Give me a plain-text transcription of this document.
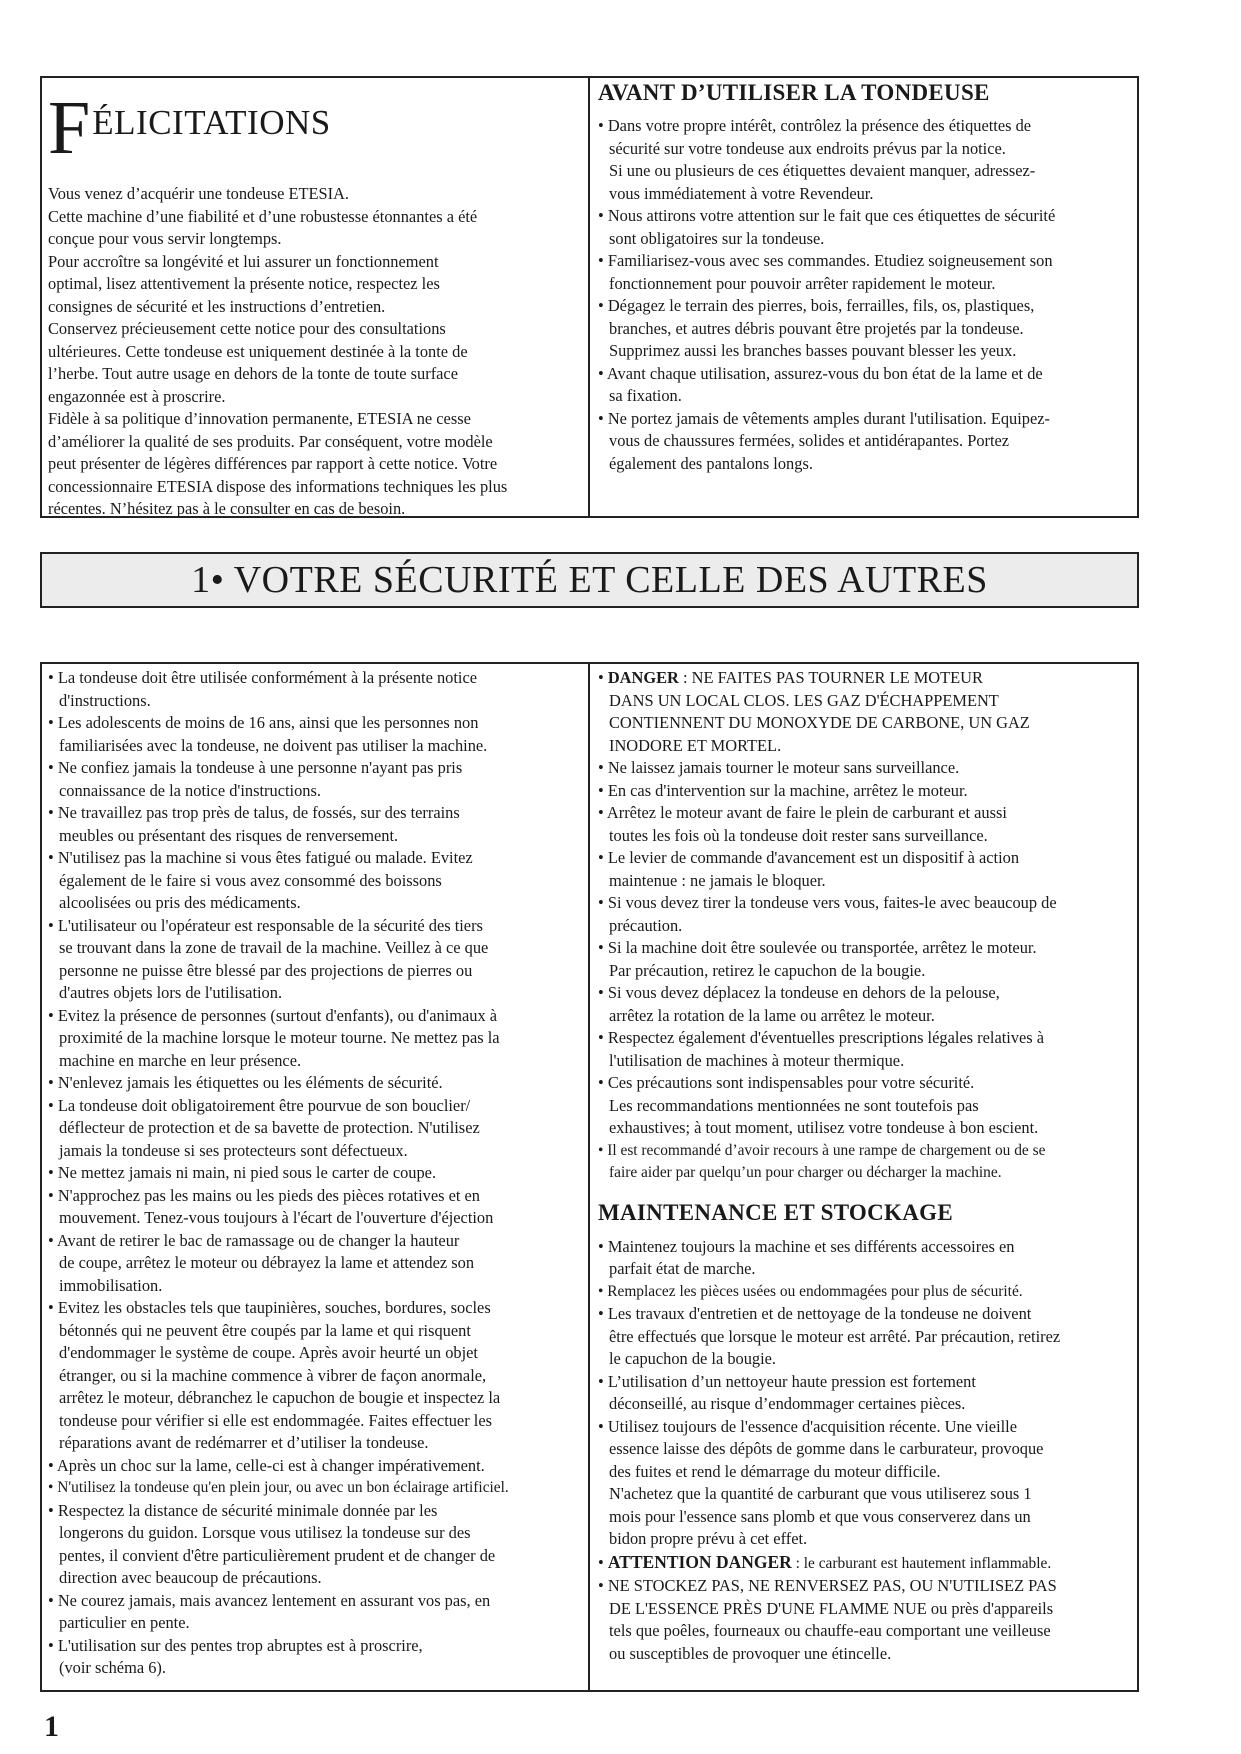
F ÉLICITATIONS

Vous venez d’acquérir une tondeuse ETESIA.

Cette machine d’une fiabilité et d’une robustesse étonnantes a été

conçue pour vous servir longtemps.

Pour accroître sa longévité et lui assurer un fonctionnement

optimal, lisez attentivement la présente notice, respectez les

consignes de sécurité et les instructions d’entretien.

Conservez précieusement cette notice pour des consultations

ultérieures. Cette tondeuse est uniquement destinée à la tonte de

l’herbe. Tout autre usage en dehors de la tonte de toute surface

engazonnée est à proscrire.

Fidèle à sa politique d’innovation permanente, ETESIA ne cesse

d’améliorer la qualité de ses produits. Par conséquent, votre modèle

peut présenter de légères différences par rapport à cette notice. Votre

concessionnaire ETESIA dispose des informations techniques les plus

récentes. N’hésitez pas à le consulter en cas de besoin.

AVANT D’UTILISER LA TONDEUSE

• Dans votre propre intérêt, contrôlez la présence des étiquettes de

sécurité sur votre tondeuse aux endroits prévus par la notice.

Si une ou plusieurs de ces étiquettes devaient manquer, adressez-

vous immédiatement à votre Revendeur.

• Nous attirons votre attention sur le fait que ces étiquettes de sécurité

sont obligatoires sur la tondeuse.

• Familiarisez-vous avec ses commandes. Etudiez soigneusement son

fonctionnement pour pouvoir arrêter rapidement le moteur.

• Dégagez le terrain des pierres, bois, ferrailles, fils, os, plastiques,

branches, et autres débris pouvant être projetés par la tondeuse.

Supprimez aussi les branches basses pouvant blesser les yeux.

• Avant chaque utilisation, assurez-vous du bon état de la lame et de

sa fixation.

• Ne portez jamais de vêtements amples durant l'utilisation. Equipez-

vous de chaussures fermées, solides et antidérapantes. Portez

également des pantalons longs.

1• VOTRE SÉCURITÉ ET CELLE DES AUTRES

• La tondeuse doit être utilisée conformément à la présente notice

d'instructions.

• Les adolescents de moins de 16 ans, ainsi que les personnes non

familiarisées avec la tondeuse, ne doivent pas utiliser la machine.

• Ne confiez jamais la tondeuse à une personne n'ayant pas pris

connaissance de la notice d'instructions.

• Ne travaillez pas trop près de talus, de fossés, sur des terrains

meubles ou présentant des risques de renversement.

• N'utilisez pas la machine si vous êtes fatigué ou malade. Evitez

également de le faire si vous avez consommé des boissons

alcoolisées ou pris des médicaments.

• L'utilisateur ou l'opérateur est responsable de la sécurité des tiers

se trouvant dans la zone de travail de la machine. Veillez à ce que

personne ne puisse être blessé par des projections de pierres ou

d'autres objets lors de l'utilisation.

• Evitez la présence de personnes (surtout d'enfants), ou d'animaux à

proximité de la machine lorsque le moteur tourne. Ne mettez pas la

machine en marche en leur présence.

• N'enlevez jamais les étiquettes ou les éléments de sécurité.

• La tondeuse doit obligatoirement être pourvue de son bouclier/

déflecteur de protection et de sa bavette de protection. N'utilisez

jamais la tondeuse si ses protecteurs sont défectueux.

• Ne mettez jamais ni main, ni pied sous le carter de coupe.

• N'approchez pas les mains ou les pieds des pièces rotatives et en

mouvement. Tenez-vous toujours à l'écart de l'ouverture d'éjection

• Avant de retirer le bac de ramassage ou de changer la hauteur

de coupe, arrêtez le moteur ou débrayez la lame et attendez son

immobilisation.

• Evitez les obstacles tels que taupinières, souches, bordures, socles

bétonnés qui ne peuvent être coupés par la lame et qui risquent

d'endommager le système de coupe. Après avoir heurté un objet

étranger, ou si la machine commence à vibrer de façon anormale,

arrêtez le moteur, débranchez le capuchon de bougie et inspectez la

tondeuse pour vérifier si elle est endommagée. Faites effectuer les

réparations avant de redémarrer et d’utiliser la tondeuse.

• Après un choc sur la lame, celle-ci est à changer impérativement.

• N'utilisez la tondeuse qu'en plein jour, ou avec un bon éclairage artificiel.

• Respectez la distance de sécurité minimale donnée par les

longerons du guidon. Lorsque vous utilisez la tondeuse sur des

pentes, il convient d'être particulièrement prudent et de changer de

direction avec beaucoup de précautions.

• Ne courez jamais, mais avancez lentement en assurant vos pas, en

particulier en pente.

• L'utilisation sur des pentes trop abruptes est à proscrire,

(voir schéma 6).

• DANGER : NE FAITES PAS TOURNER LE MOTEUR

DANS UN LOCAL CLOS. LES GAZ D'ÉCHAPPEMENT

CONTIENNENT DU MONOXYDE DE CARBONE, UN GAZ

INODORE ET MORTEL.

• Ne laissez jamais tourner le moteur sans surveillance.

• En cas d'intervention sur la machine, arrêtez le moteur.

• Arrêtez le moteur avant de faire le plein de carburant et aussi

toutes les fois où la tondeuse doit rester sans surveillance.

• Le levier de commande d'avancement est un dispositif à action

maintenue : ne jamais le bloquer.

• Si vous devez tirer la tondeuse vers vous, faites-le avec beaucoup de

précaution.

• Si la machine doit être soulevée ou transportée, arrêtez le moteur.

Par précaution, retirez le capuchon de la bougie.

• Si vous devez déplacez la tondeuse en dehors de la pelouse,

arrêtez la rotation de la lame ou arrêtez le moteur.

• Respectez également d'éventuelles prescriptions légales relatives à

l'utilisation de machines à moteur thermique.

• Ces précautions sont indispensables pour votre sécurité.

Les recommandations mentionnées ne sont toutefois pas

exhaustives; à tout moment, utilisez votre tondeuse à bon escient.

• Il est recommandé d’avoir recours à une rampe de chargement ou de se

faire aider par quelqu’un pour charger ou décharger la machine.

MAINTENANCE ET STOCKAGE

• Maintenez toujours la machine et ses différents accessoires en

parfait état de marche.

• Remplacez les pièces usées ou endommagées pour plus de sécurité.

• Les travaux d'entretien et de nettoyage de la tondeuse ne doivent

être effectués que lorsque le moteur est arrêté. Par précaution, retirez

le capuchon de la bougie.

• L’utilisation d’un nettoyeur haute pression est fortement

déconseillé, au risque d’endommager certaines pièces.

• Utilisez toujours de l'essence d'acquisition récente. Une vieille

essence laisse des dépôts de gomme dans le carburateur, provoque

des fuites et rend le démarrage du moteur difficile.

N'achetez que la quantité de carburant que vous utiliserez sous 1

mois pour l'essence sans plomb et que vous conserverez dans un

bidon propre prévu à cet effet.

• ATTENTION DANGER : le carburant est hautement inflammable.

• NE STOCKEZ PAS, NE RENVERSEZ PAS, OU N'UTILISEZ PAS

DE L'ESSENCE PRÈS D'UNE FLAMME NUE ou près d'appareils

tels que poêles, fourneaux ou chauffe-eau comportant une veilleuse

ou susceptibles de provoquer une étincelle.

1
